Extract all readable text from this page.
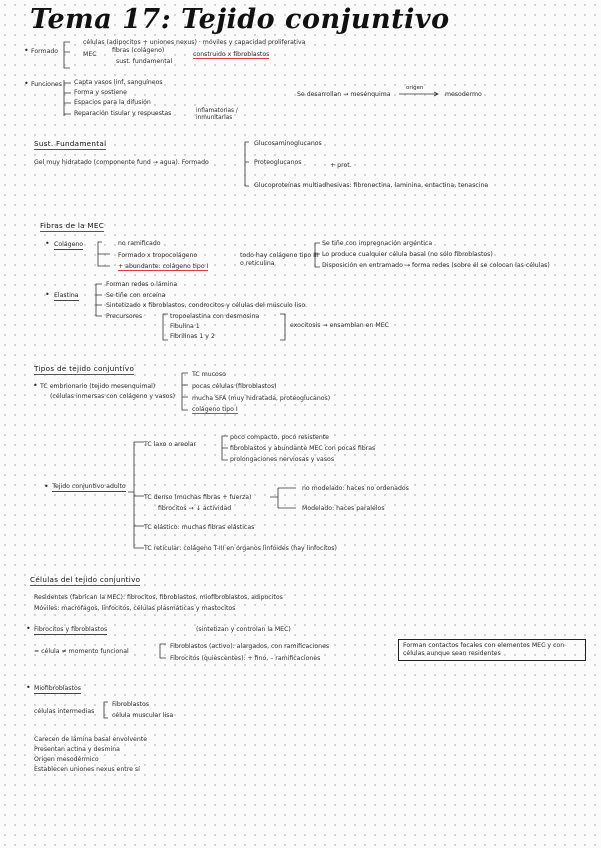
Tema 17: Tejido conjuntivo
Formado
•
células (adipocitos + uniones nexus) · móviles y capacidad proliferativa
MEC
fibras (colágeno)
sust. fundamental
construido x fibroblastos
• Funciones Capta vasos linf, sanguíneos
Forma y sostiene
Espacios para la difusión
Reparación tisular y respuestas	inflamatorias / inmunitarias
Se desarrollan → mesénquima
origen
mesodermo
Sust. Fundamental
Gel muy hidratado (componente fund → agua). Formado
Glucosaminoglucanos
Proteoglucanos	+ prot.
Glucoproteínas multiadhesivas: fibronectina, laminina, entactina, tenascina
Fibras de la MEC
• Colágeno	no ramificado
Formado x tropocolágeno
+ abundante: colágeno tipo I
todo hay colágeno tipo III o reticulina
Se tiñe con impregnación argéntica
Lo produce cualquier célula basal (no sólo fibroblastos)
Disposición en entramado → forma redes (sobre él se colocan las células)
• Elastina
Forman redes o lámina
Se tiñe con orceína
Sintetizado x fibroblastos, condrocitos y células del músculo liso.
Precursores	tropoelastina con desmosina
Fibulina 1
Fibrilinas 1 y 2
exocitosis → ensamblan en MEC
Tipos de tejido conjuntivo
• TC embrionario (tejido mesenquimal)
(células inmersas con colágeno y vasos)
TC mucoso
pocas células (fibroblastos)
mucha SFA (muy hidratada, proteoglucanos)
colágeno tipo I
• Tejido conjuntivo adulto
TC laxo o areolar
poco compacto, poco resistente
fibroblastos y abundante MEC con pocas fibras
prolongaciones nerviosas y vasos
TC denso (muchas fibras + fuerza)
fibrocitos → ↓ actividad
no modelado: haces no ordenados
Modelado: haces paralelos
TC elástico: muchas fibras elásticas
TC reticular: colágeno T-III en órganos linfoides (hay linfocitos)
Células del tejido conjuntivo
Residentes (fabrican la MEC): fibrocitos, fibroblastos, miofibroblastos, adipocitos
Móviles: macrófagos, linfocitos, células plasmáticas y mastocitos
• Fibrocitos y fibroblastos	(sintetizan y controlan la MEC)
= célula ≠ momento funcional
Fibroblastos (activo): alargados, con ramificaciones
Fibrocitos (quiescentes): + fino, – ramificaciones
Forman contactos focales con elementos MEC y con células aunque sean residentes
• Miofibroblastos
células intermedias
Fibroblastos
célula muscular lisa
Carecen de lámina basal envolvente
Presentan actina y desmina
Origen mesodérmico
Establecen uniones nexus entre sí
